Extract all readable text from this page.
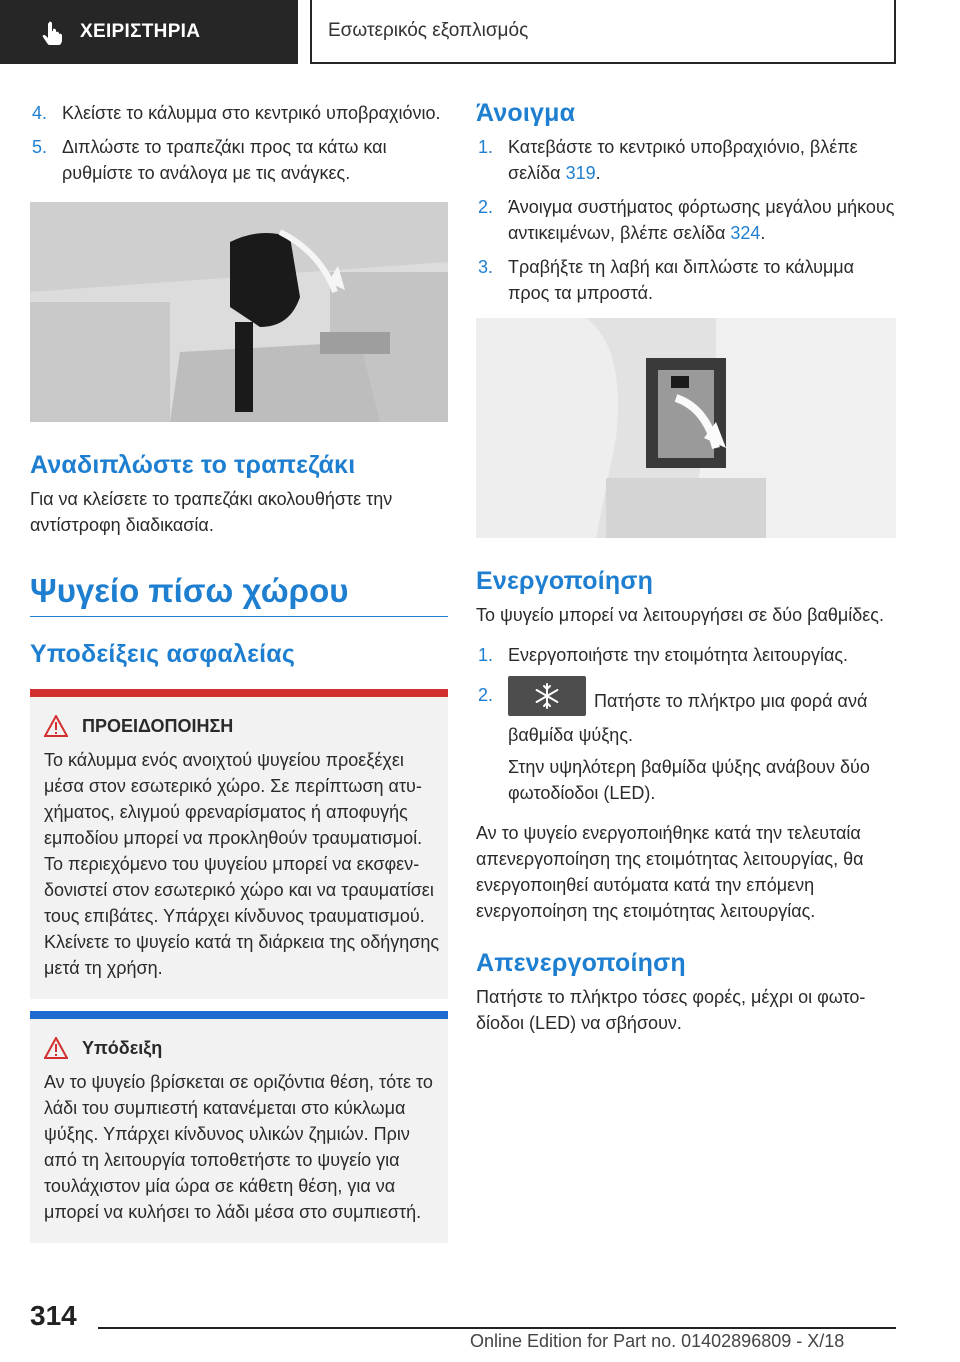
ΧΕΙΡΙΣΤΗΡΙΑ	Εσωτερικός εξοπλισμός
4. Κλείστε το κάλυμμα στο κεντρικό υποβραχιόνιο.
5. Διπλώστε το τραπεζάκι προς τα κάτω και ρυθμίστε το ανάλογα με τις ανάγκες.
Αναδιπλώστε το τραπεζάκι

Για να κλείσετε το τραπεζάκι ακολουθήστε την αντίστροφη διαδικασία.

Ψυγείο πίσω χώρου
Υποδείξεις ασφαλείας
ΠΡΟΕΙΔΟΠΟΙΗΣΗ

Το κάλυμμα ενός ανοιχτού ψυγείου προεξέχει μέσα στον εσωτερικό χώρο. Σε περίπτωση ατυχήματος, ελιγμού φρεναρίσματος ή αποφυγής εμποδίου μπορεί να προκληθούν τραυματισμοί. Το περιεχόμενο του ψυγείου μπορεί να εκσφενδονιστεί στον εσωτερικό χώρο και να τραυματίσει τους επιβάτες. Υπάρχει κίνδυνος τραυματισμού. Κλείνετε το ψυγείο κατά τη διάρκεια της οδήγησης μετά τη χρήση.

Υπόδειξη

Αν το ψυγείο βρίσκεται σε οριζόντια θέση, τότε το λάδι του συμπιεστή κατανέμεται στο κύκλωμα ψύξης. Υπάρχει κίνδυνος υλικών ζημιών. Πριν από τη λειτουργία τοποθετήστε το ψυγείο για τουλάχιστον μία ώρα σε κάθετη θέση, για να μπορεί να κυλήσει το λάδι μέσα στο συμπιεστή.

Άνοιγμα
1. Κατεβάστε το κεντρικό υποβραχιόνιο, βλέπε σελίδα 319.
2. Άνοιγμα συστήματος φόρτωσης μεγάλου μήκους αντικειμένων, βλέπε σελίδα 324.
3. Τραβήξτε τη λαβή και διπλώστε το κάλυμμα προς τα μπροστά.
Ενεργοποίηση

Το ψυγείο μπορεί να λειτουργήσει σε δύο βαθμίδες.

1. Ενεργοποιήστε την ετοιμότητα λειτουργίας.
2.	Πατήστε το πλήκτρο μια φορά ανά βαθμίδα ψύξης.

Στην υψηλότερη βαθμίδα ψύξης ανάβουν δύο φωτοδίοδοι (LED).

Αν το ψυγείο ενεργοποιήθηκε κατά την τελευταία απενεργοποίηση της ετοιμότητας λειτουργίας, θα ενεργοποιηθεί αυτόματα κατά την επόμενη ενεργοποίηση της ετοιμότητας λειτουργίας.

Απενεργοποίηση

Πατήστε το πλήκτρο τόσες φορές, μέχρι οι φωτοδίοδοι (LED) να σβήσουν.

314
Online Edition for Part no. 01402896809 - X/18
